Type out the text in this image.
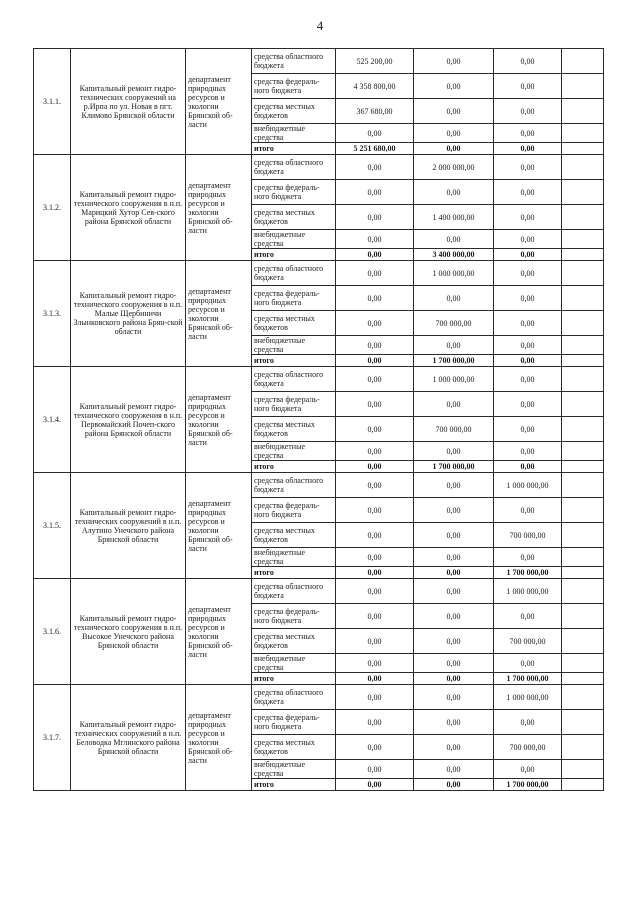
4
3.1.1.	Капитальный ремонт гидро-технических сооружений на р.Ирпа по ул. Новая в пгт. Климово Брянской области	департамент природных ресурсов и экологии Брянской об-ласти	средства областного бюджета	525 200,00	0,00	0,00	
			средства федераль-ного бюджета	4 358 800,00	0,00	0,00	
			средства местных бюджетов	367 680,00	0,00	0,00	
			внебюджетные средства	0,00	0,00	0,00	
			итого	5 251 680,00	0,00	0,00	
3.1.2.	Капитальный ремонт гидро-технического сооружения в н.п. Марицкий Хутор Сев-ского района Брянской области	департамент природных ресурсов и экологии Брянской об-ласти	средства областного бюджета	0,00	2 000 000,00	0,00	
			средства федераль-ного бюджета	0,00	0,00	0,00	
			средства местных бюджетов	0,00	1 400 000,00	0,00	
			внебюджетные средства	0,00	0,00	0,00	
			итого	0,00	3 400 000,00	0,00	
3.1.3.	Капитальный ремонт гидро-технического сооружения в н.п. Малые Щербиничи Злынковского района Брян-ской области	департамент природных ресурсов и экологии Брянской об-ласти	средства областного бюджета	0,00	1 000 000,00	0,00	
			средства федераль-ного бюджета	0,00	0,00	0,00	
			средства местных бюджетов	0,00	700 000,00	0,00	
			внебюджетные средства	0,00	0,00	0,00	
			итого	0,00	1 700 000,00	0,00	
3.1.4.	Капитальный ремонт гидро-технического сооружения в н.п. Первомайский Почеп-ского района Брянской области	департамент природных ресурсов и экологии Брянской об-ласти	средства областного бюджета	0,00	1 000 000,00	0,00	
			средства федераль-ного бюджета	0,00	0,00	0,00	
			средства местных бюджетов	0,00	700 000,00	0,00	
			внебюджетные средства	0,00	0,00	0,00	
			итого	0,00	1 700 000,00	0,00	
3.1.5.	Капитальный ремонт гидро-технических сооружений в н.п. Алутино Унечского района Брянской области	департамент природных ресурсов и экологии Брянской об-ласти	средства областного бюджета	0,00	0,00	1 000 000,00	
			средства федераль-ного бюджета	0,00	0,00	0,00	
			средства местных бюджетов	0,00	0,00	700 000,00	
			внебюджетные средства	0,00	0,00	0,00	
			итого	0,00	0,00	1 700 000,00	
3.1.6.	Капитальный ремонт гидро-технического сооружения в н.п. Высокое Унечского района Брянской области	департамент природных ресурсов и экологии Брянской об-ласти	средства областного бюджета	0,00	0,00	1 000 000,00	
			средства федераль-ного бюджета	0,00	0,00	0,00	
			средства местных бюджетов	0,00	0,00	700 000,00	
			внебюджетные средства	0,00	0,00	0,00	
			итого	0,00	0,00	1 700 000,00	
3.1.7.	Капитальный ремонт гидро-технических сооружений в н.п. Беловодка Мглинского района Брянской области	департамент природных ресурсов и экологии Брянской об-ласти	средства областного бюджета	0,00	0,00	1 000 000,00	
			средства федераль-ного бюджета	0,00	0,00	0,00	
			средства местных бюджетов	0,00	0,00	700 000,00	
			внебюджетные средства	0,00	0,00	0,00	
			итого	0,00	0,00	1 700 000,00	
